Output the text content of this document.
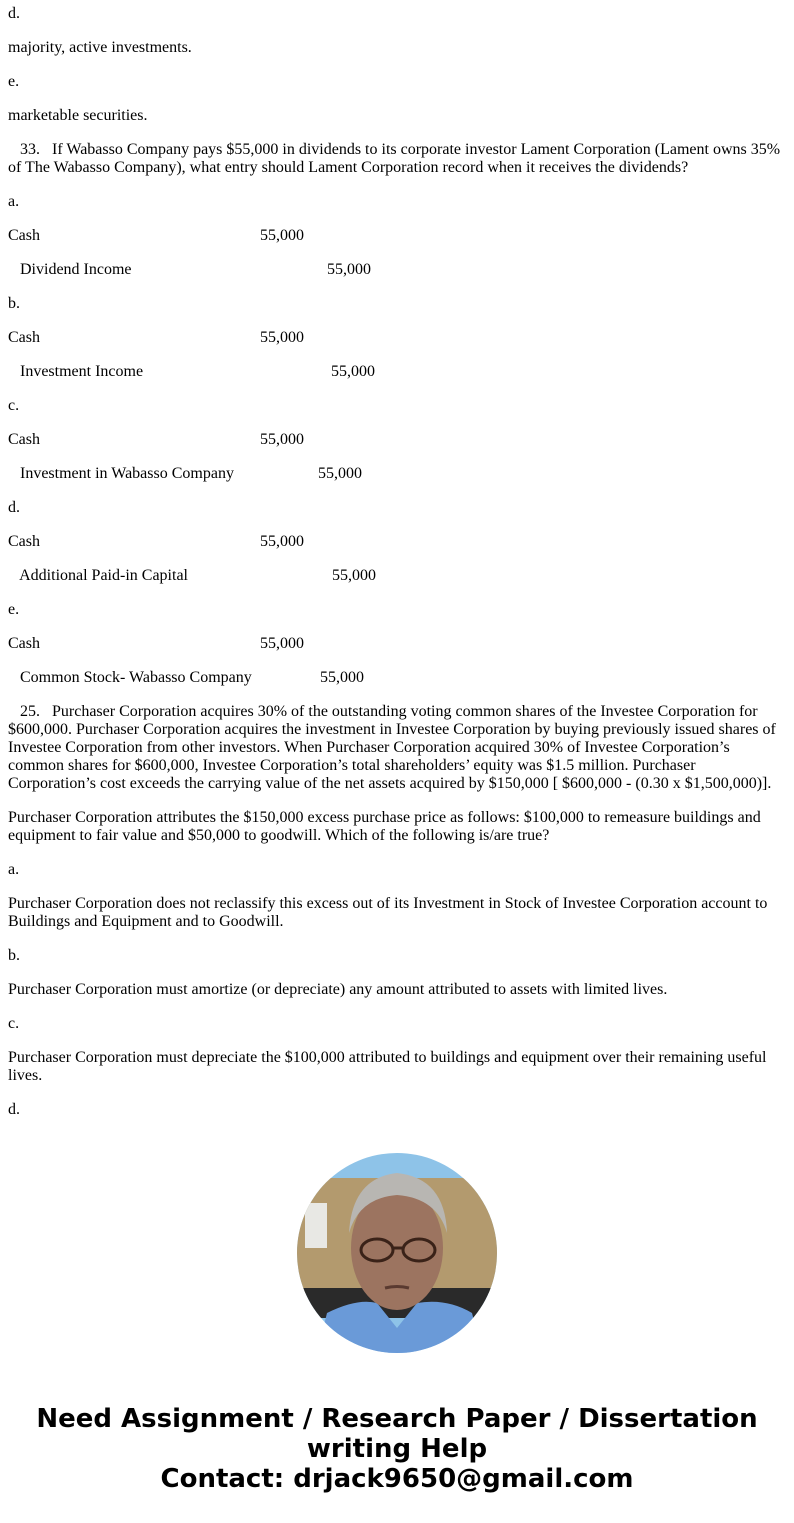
d.

majority, active investments.

e.

marketable securities.

33.   If Wabasso Company pays $55,000 in dividends to its corporate investor Lament Corporation (Lament owns 35% of The Wabasso Company), what entry should Lament Corporation record when it receives the dividends?

a.

Cash	55,000

Dividend Income	55,000

b.

Cash	55,000

Investment Income	55,000

c.

Cash	55,000

Investment in Wabasso Company	55,000

d.

Cash	55,000

Additional Paid-in Capital	55,000

e.

Cash	55,000

Common Stock- Wabasso Company	55,000

25.   Purchaser Corporation acquires 30% of the outstanding voting common shares of the Investee Corporation for $600,000. Purchaser Corporation acquires the investment in Investee Corporation by buying previously issued shares of Investee Corporation from other investors. When Purchaser Corporation acquired 30% of Investee Corporation’s common shares for $600,000, Investee Corporation’s total shareholders’ equity was $1.5 million. Purchaser Corporation’s cost exceeds the carrying value of the net assets acquired by $150,000 [ $600,000 - (0.30 x $1,500,000)].

Purchaser Corporation attributes the $150,000 excess purchase price as follows: $100,000 to remeasure buildings and equipment to fair value and $50,000 to goodwill. Which of the following is/are true?

a.

Purchaser Corporation does not reclassify this excess out of its Investment in Stock of Investee Corporation account to Buildings and Equipment and to Goodwill.

b.

Purchaser Corporation must amortize (or depreciate) any amount attributed to assets with limited lives.

c.

Purchaser Corporation must depreciate the $100,000 attributed to buildings and equipment over their remaining useful lives.

d.

Need Assignment / Research Paper / Dissertation
writing Help
Contact: drjack9650@gmail.com
